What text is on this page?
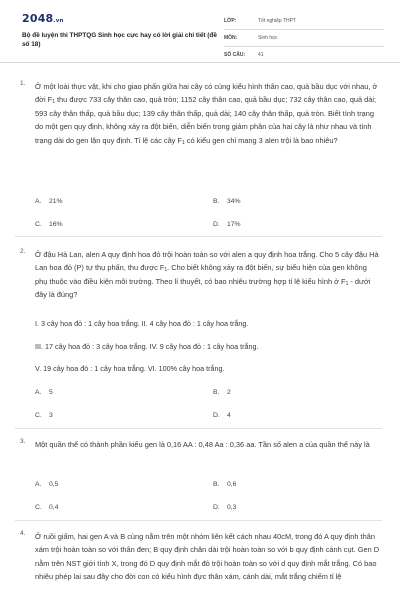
2048.vn
Bộ đề luyện thi THPTQG Sinh học cực hay có lời giải chi tiết (đề số 18)
LỚP:	Tốt nghiệp THPT
MÔN:	Sinh học
SỐ CÂU:	41
1. Ở một loài thực vật, khi cho giao phấn giữa hai cây có cùng kiểu hình thân cao, quả bầu dục với nhau, ở đời $F_1$ thu được 733 cây thân cao, quả tròn; 1152 cây thân cao, quả bầu dục; 732 cây thân cao, quả dài; 593 cây thân thấp, quả bầu dục; 139 cây thân thấp, quả dài; 140 cây thân thấp, quả tròn. Biết tính trạng do một gen quy định, không xảy ra đột biến, diễn biến trong giảm phân của hai cây là như nhau và tính trạng dài do gen lặn quy định. Tỉ lệ các cây $F_1$ có kiểu gen chỉ mang 3 alen trội là bao nhiêu?
A. 21%	B. 34%
C. 16%	D. 17%
2. Ở đậu Hà Lan, alen A quy định hoa đỏ trội hoàn toàn so với alen a quy định hoa trắng. Cho 5 cây đậu Hà Lan hoa đỏ (P) tự thụ phấn, thu được $F_1$. Cho biết không xảy ra đột biến, sự biểu hiện của gen không phụ thuộc vào điều kiện môi trường. Theo lí thuyết, có bao nhiêu trường hợp tỉ lệ kiểu hình ở $F_1$ - dưới đây là đúng?
I. 3 cây hoa đỏ : 1 cây hoa trắng. II. 4 cây hoa đỏ : 1 cây hoa trắng.
III. 17 cây hoa đỏ : 3 cây hoa trắng. IV. 9 cây hoa đỏ : 1 cây hoa trắng.
V. 19 cây hoa đỏ : 1 cây hoa trắng. VI. 100% cây hoa trắng.
A. 5	B. 2
C. 3	D. 4
3. Một quần thể có thành phần kiểu gen là 0,16 AA : 0,48 Aa : 0,36 aa. Tần số alen a của quần thể này là
A. 0,5	B. 0,6
C. 0,4	D. 0,3
4. Ở ruồi giấm, hai gen A và B cùng nằm trên một nhóm liên kết cách nhau 40cM, trong đó A quy định thân xám trội hoàn toàn so với thân đen; B quy định chân dài trội hoàn toàn so với b quy định cánh cụt. Gen D nằm trên NST giới tính X, trong đó D quy định mắt đỏ trội hoàn toàn so với d quy định mắt trắng. Có bao nhiêu phép lai sau đây cho đời con có kiểu hình đực thân xám, cánh dài, mắt trắng chiếm tỉ lệ
